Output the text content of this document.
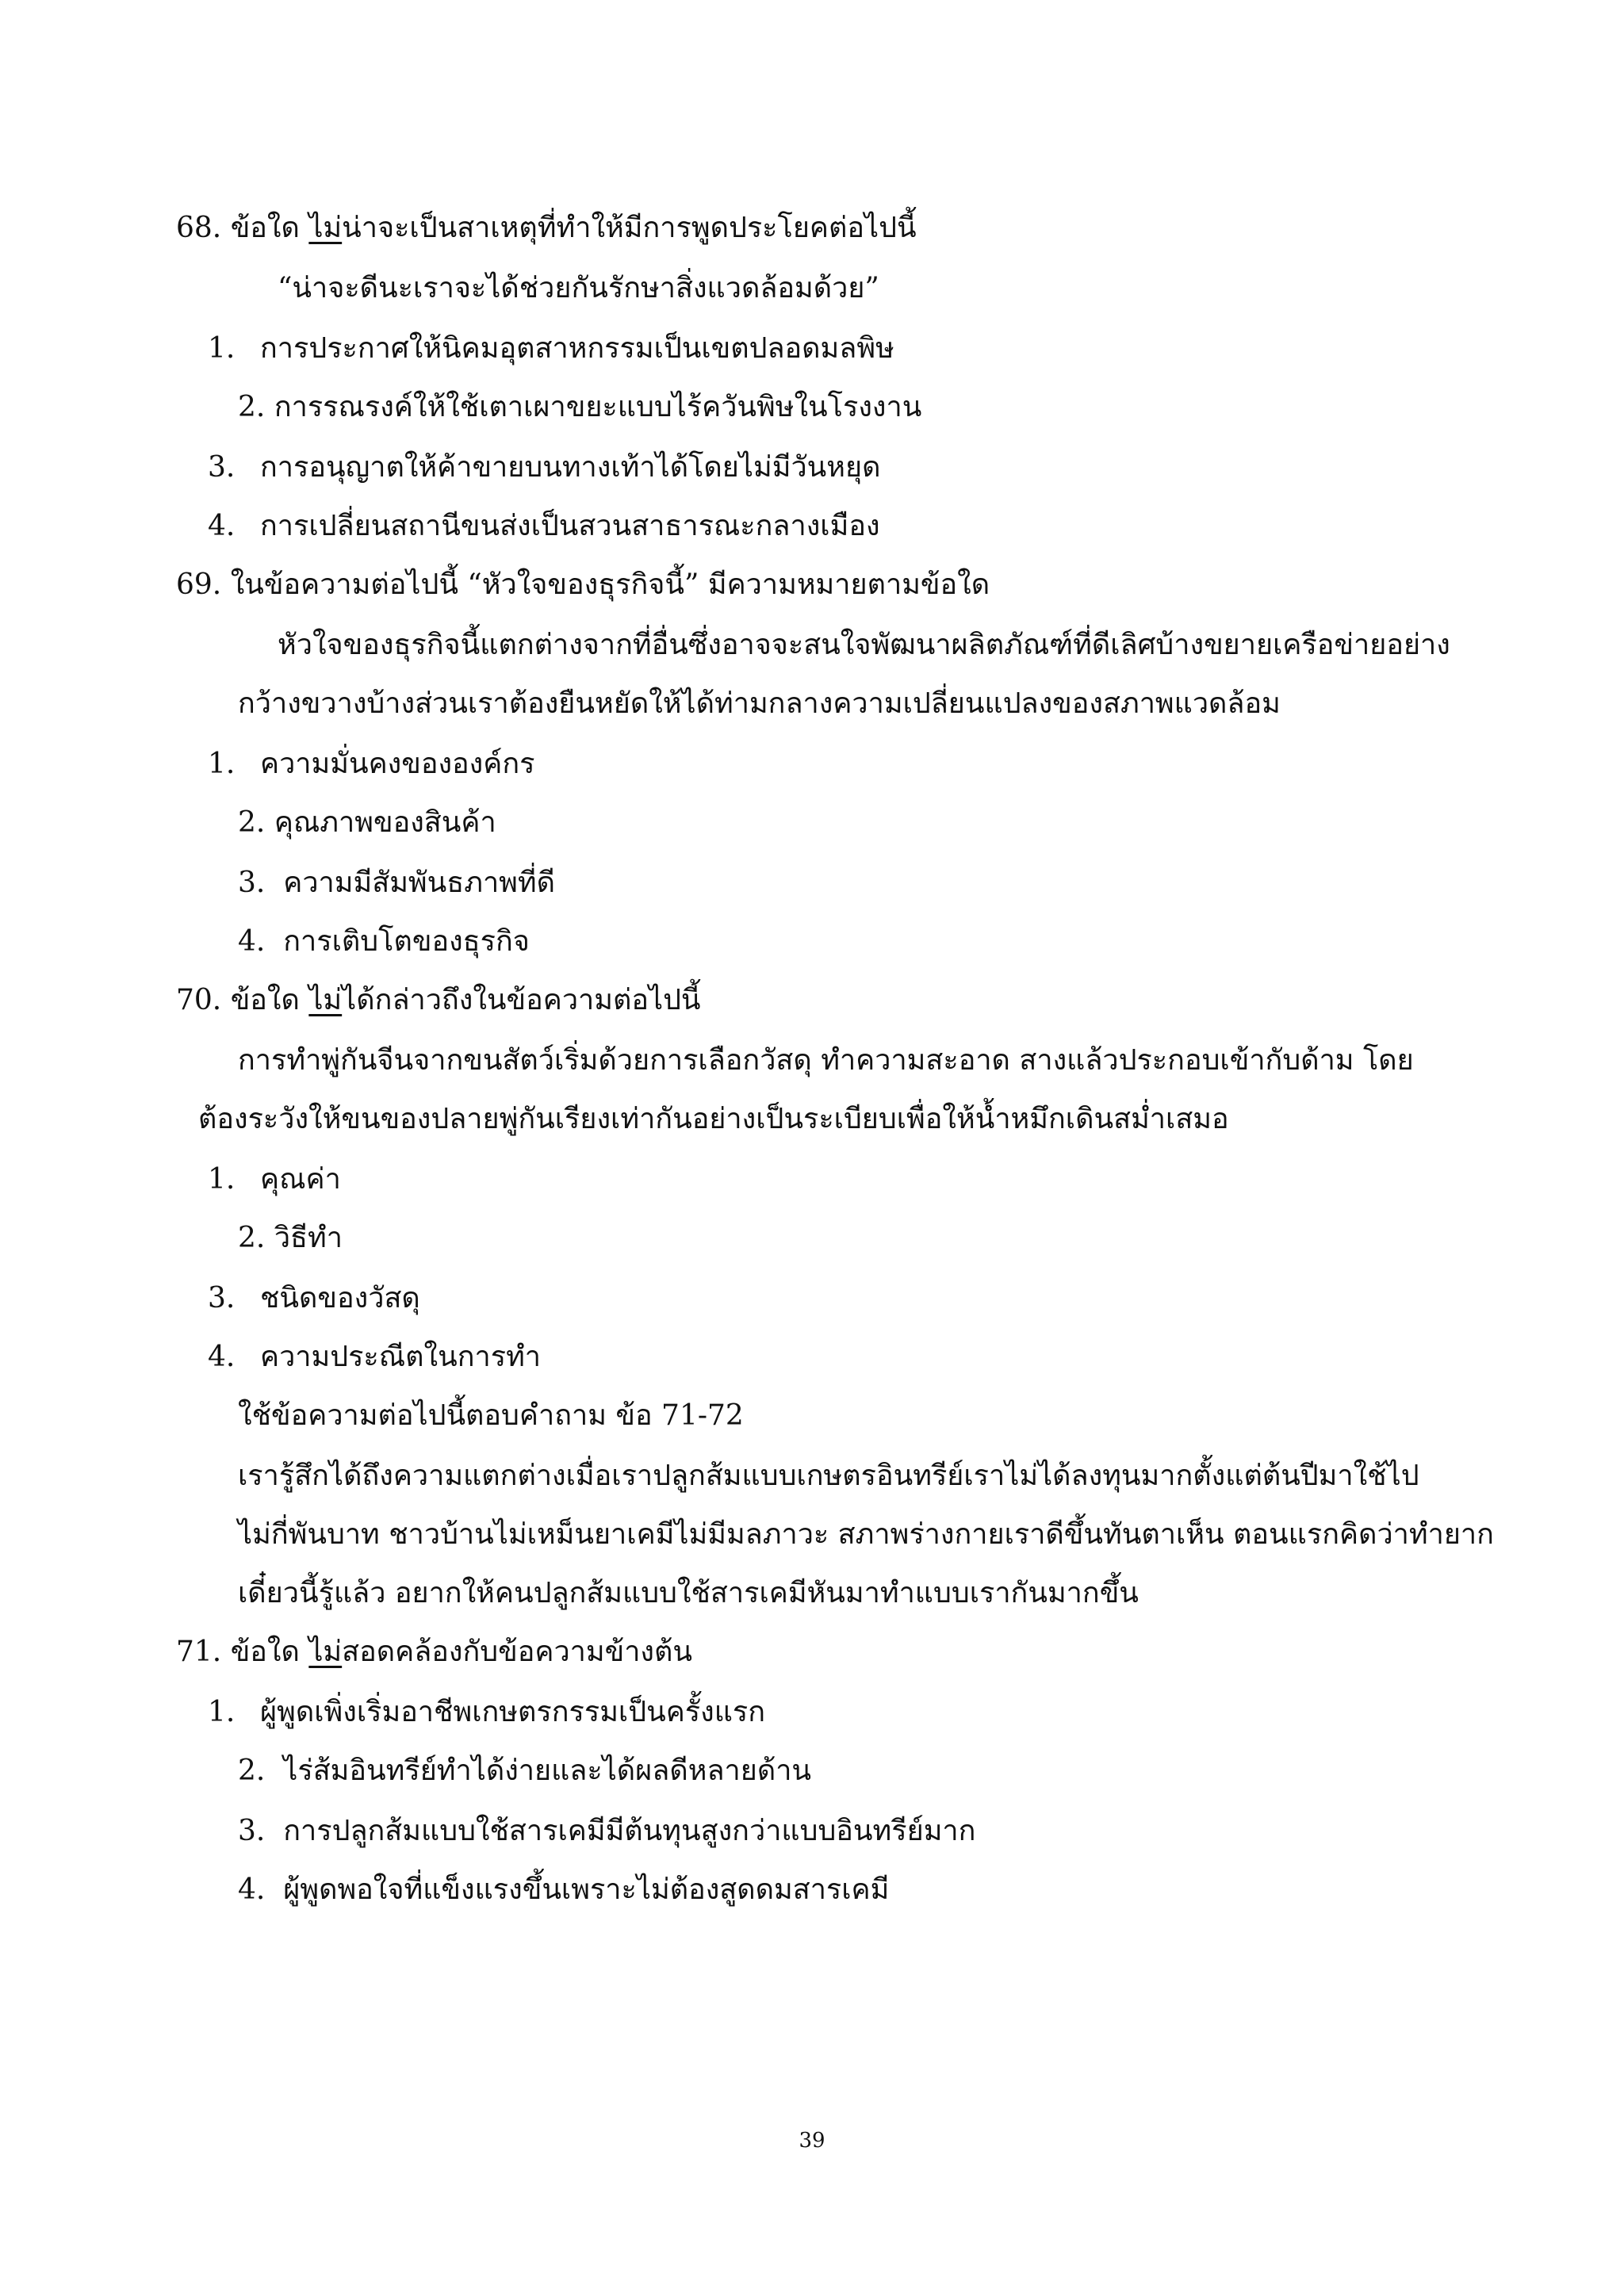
68. ข้อใด ไม่น่าจะเป็นสาเหตุที่ทำให้มีการพูดประโยคต่อไปนี้
“น่าจะดีนะเราจะได้ช่วยกันรักษาสิ่งแวดล้อมด้วย”
1. การประกาศให้นิคมอุตสาหกรรมเป็นเขตปลอดมลพิษ
2. การรณรงค์ให้ใช้เตาเผาขยะแบบไร้ควันพิษในโรงงาน
3. การอนุญาตให้ค้าขายบนทางเท้าได้โดยไม่มีวันหยุด
4. การเปลี่ยนสถานีขนส่งเป็นสวนสาธารณะกลางเมือง
69. ในข้อความต่อไปนี้ “หัวใจของธุรกิจนี้” มีความหมายตามข้อใด
หัวใจของธุรกิจนี้แตกต่างจากที่อื่นซึ่งอาจจะสนใจพัฒนาผลิตภัณฑ์ที่ดีเลิศบ้างขยายเครือข่ายอย่าง
กว้างขวางบ้างส่วนเราต้องยืนหยัดให้ได้ท่ามกลางความเปลี่ยนแปลงของสภาพแวดล้อม
1. ความมั่นคงขององค์กร
2. คุณภาพของสินค้า
3. ความมีสัมพันธภาพที่ดี
4. การเติบโตของธุรกิจ
70. ข้อใด ไม่ได้กล่าวถึงในข้อความต่อไปนี้
การทำพู่กันจีนจากขนสัตว์เริ่มด้วยการเลือกวัสดุ ทำความสะอาด สางแล้วประกอบเข้ากับด้าม โดย
ต้องระวังให้ขนของปลายพู่กันเรียงเท่ากันอย่างเป็นระเบียบเพื่อให้น้ำหมึกเดินสม่ำเสมอ
1. คุณค่า
2. วิธีทำ
3. ชนิดของวัสดุ
4. ความประณีตในการทำ
ใช้ข้อความต่อไปนี้ตอบคำถาม ข้อ 71-72
เรารู้สึกได้ถึงความแตกต่างเมื่อเราปลูกส้มแบบเกษตรอินทรีย์เราไม่ได้ลงทุนมากตั้งแต่ต้นปีมาใช้ไป
ไม่กี่พันบาท ชาวบ้านไม่เหม็นยาเคมีไม่มีมลภาวะ สภาพร่างกายเราดีขึ้นทันตาเห็น ตอนแรกคิดว่าทำยาก
เดี๋ยวนี้รู้แล้ว อยากให้คนปลูกส้มแบบใช้สารเคมีหันมาทำแบบเรากันมากขึ้น
71. ข้อใด ไม่สอดคล้องกับข้อความข้างต้น
1. ผู้พูดเพิ่งเริ่มอาชีพเกษตรกรรมเป็นครั้งแรก
2. ไร่ส้มอินทรีย์ทำได้ง่ายและได้ผลดีหลายด้าน
3. การปลูกส้มแบบใช้สารเคมีมีต้นทุนสูงกว่าแบบอินทรีย์มาก
4. ผู้พูดพอใจที่แข็งแรงขึ้นเพราะไม่ต้องสูดดมสารเคมี
39
